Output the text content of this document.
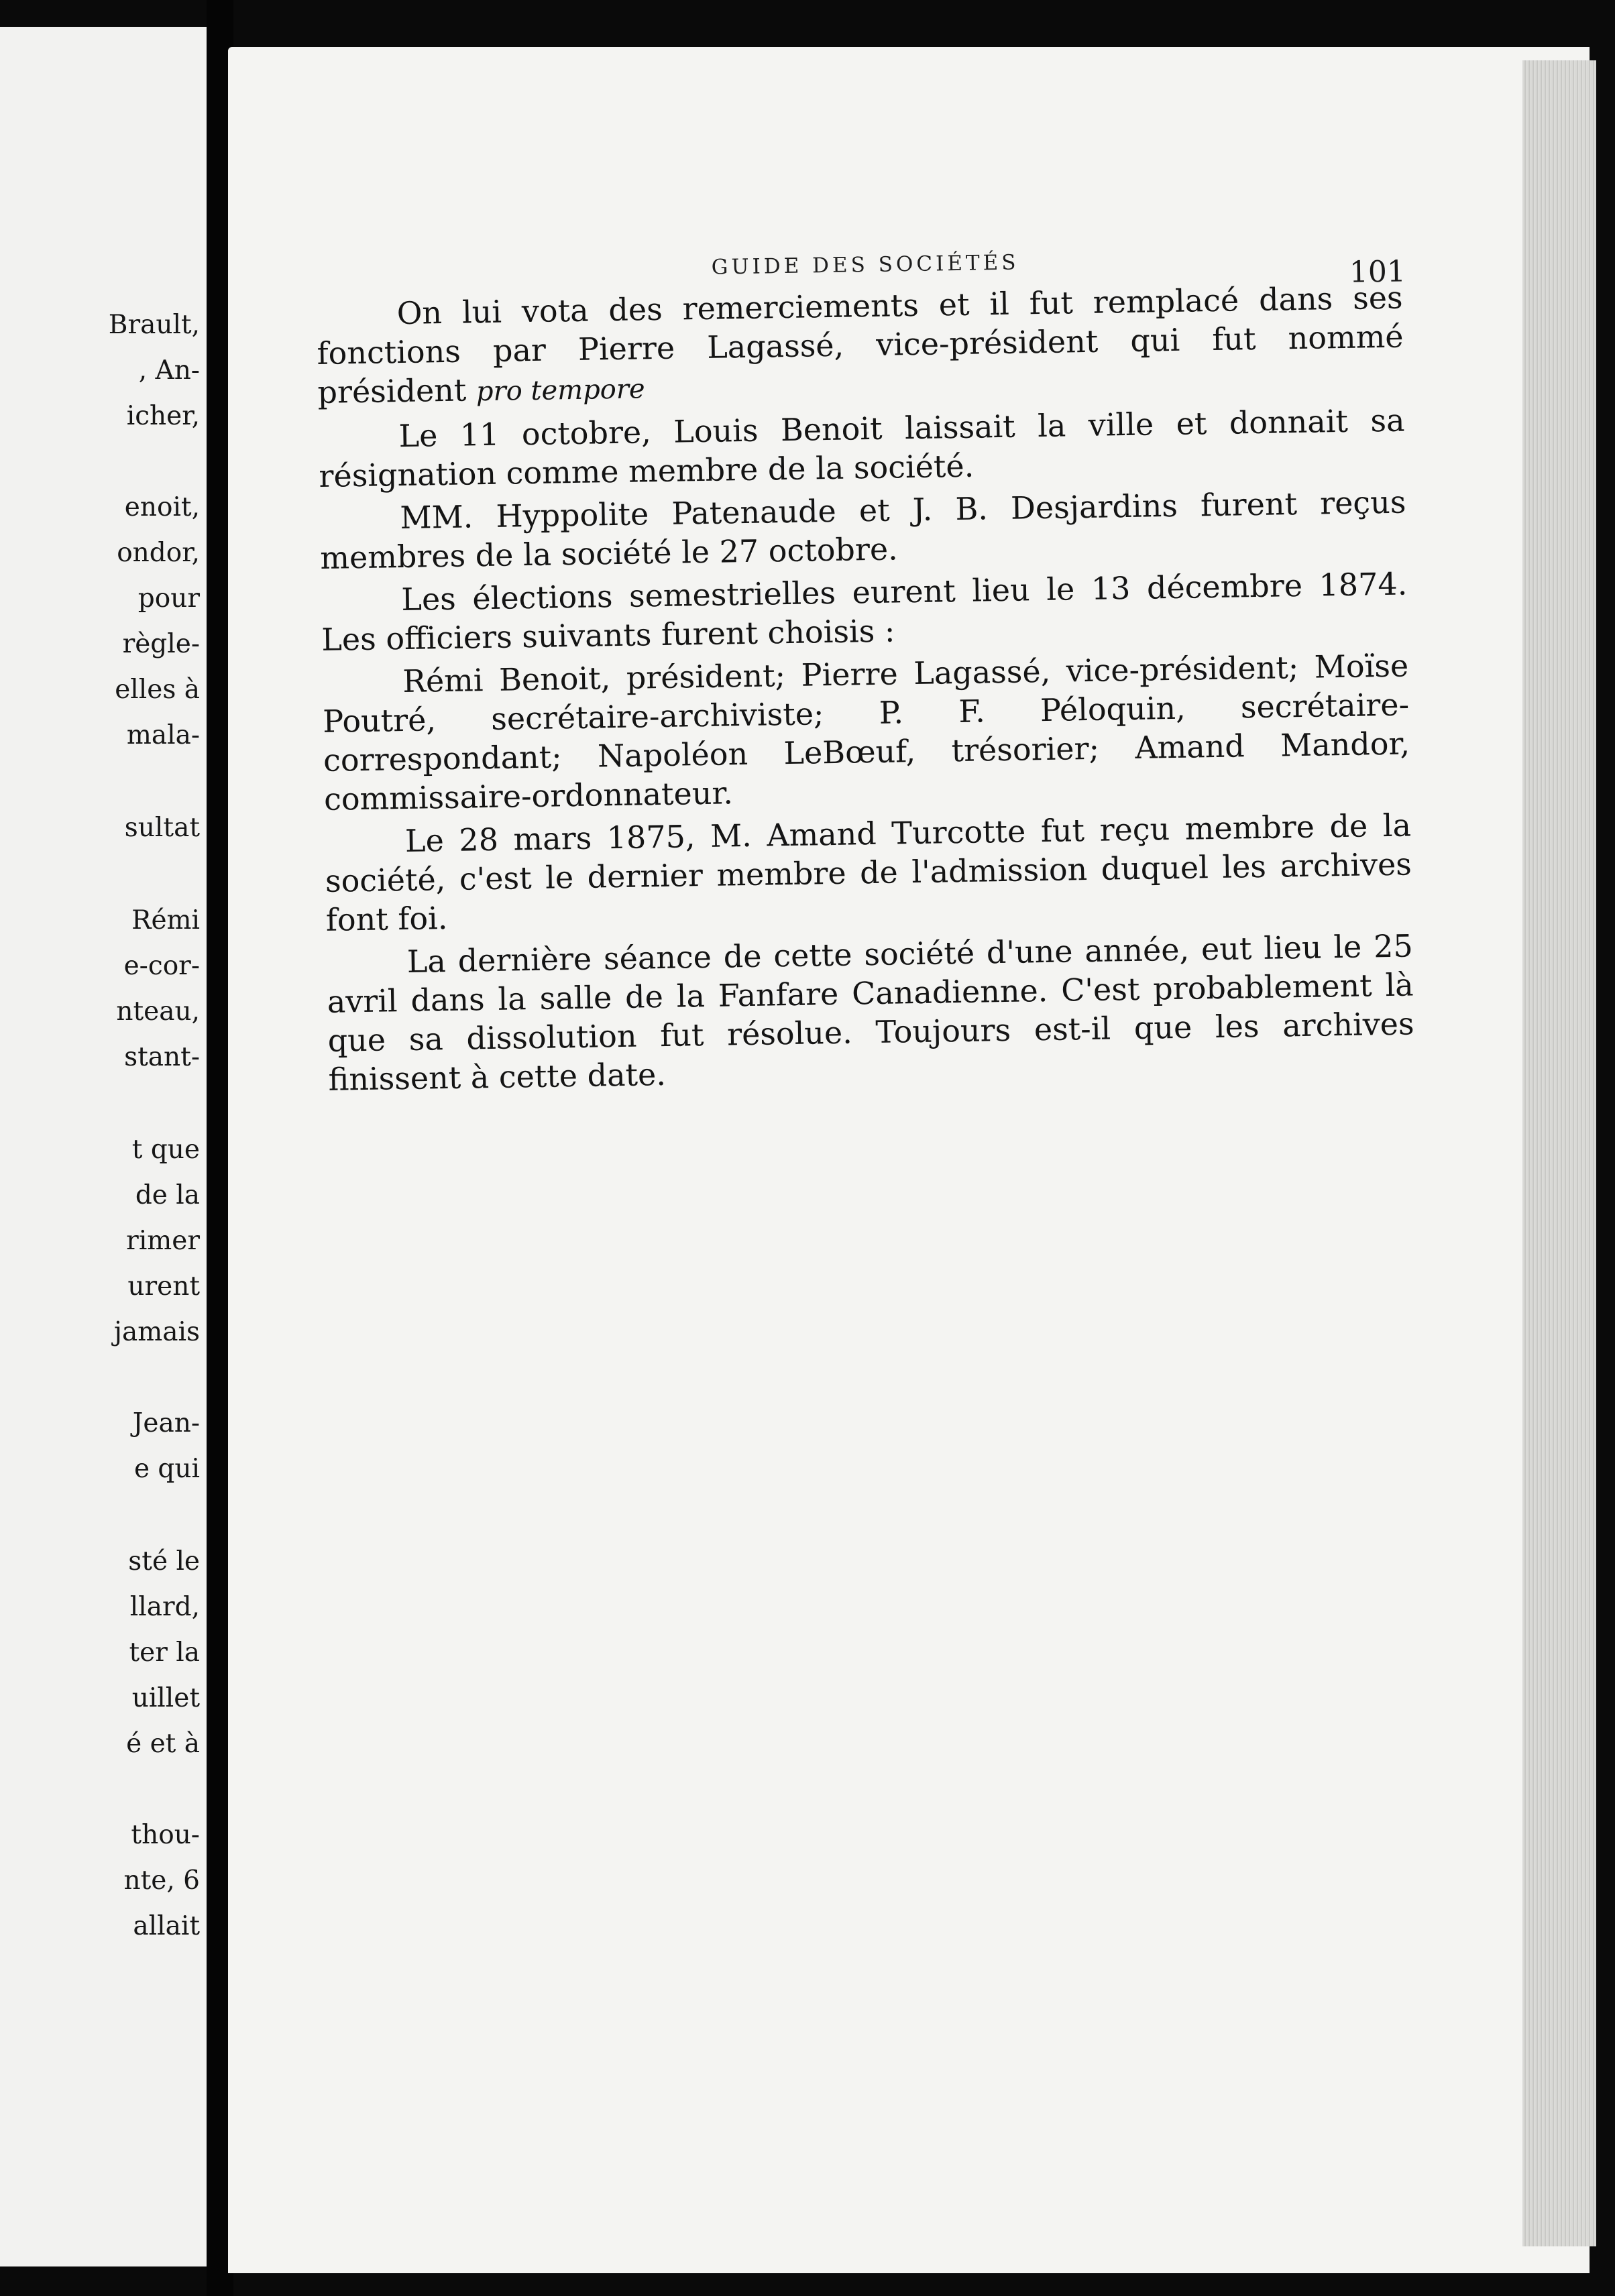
Brault,
, An-
icher,
enoit,
ondor,
pour
règle-
elles à
mala-
sultat
Rémi
e-cor-
nteau,
stant-
t que
de la
rimer
urent
jamais
Jean-
e qui
sté le
llard,
ter la
uillet
é et à
thou-
nte, 6
allait
GUIDE DES SOCIÉTÉS	101

On lui vota des remerciements et il fut remplacé dans ses fonctions par Pierre Lagassé, vice-président qui fut nommé président pro tempore

Le 11 octobre, Louis Benoit laissait la ville et donnait sa résignation comme membre de la société.

MM. Hyppolite Patenaude et J. B. Desjardins furent reçus membres de la société le 27 octobre.

Les élections semestrielles eurent lieu le 13 décembre 1874. Les officiers suivants furent choisis :

Rémi Benoit, président; Pierre Lagassé, vice-président; Moïse Poutré, secrétaire-archiviste; P. F. Péloquin, secrétaire-correspondant; Napoléon LeBœuf, trésorier; Amand Mandor, commissaire-ordonnateur.

Le 28 mars 1875, M. Amand Turcotte fut reçu membre de la société, c'est le dernier membre de l'admission duquel les archives font foi.

La dernière séance de cette société d'une année, eut lieu le 25 avril dans la salle de la Fanfare Canadienne. C'est probablement là que sa dissolution fut résolue. Toujours est-il que les archives finissent à cette date.
